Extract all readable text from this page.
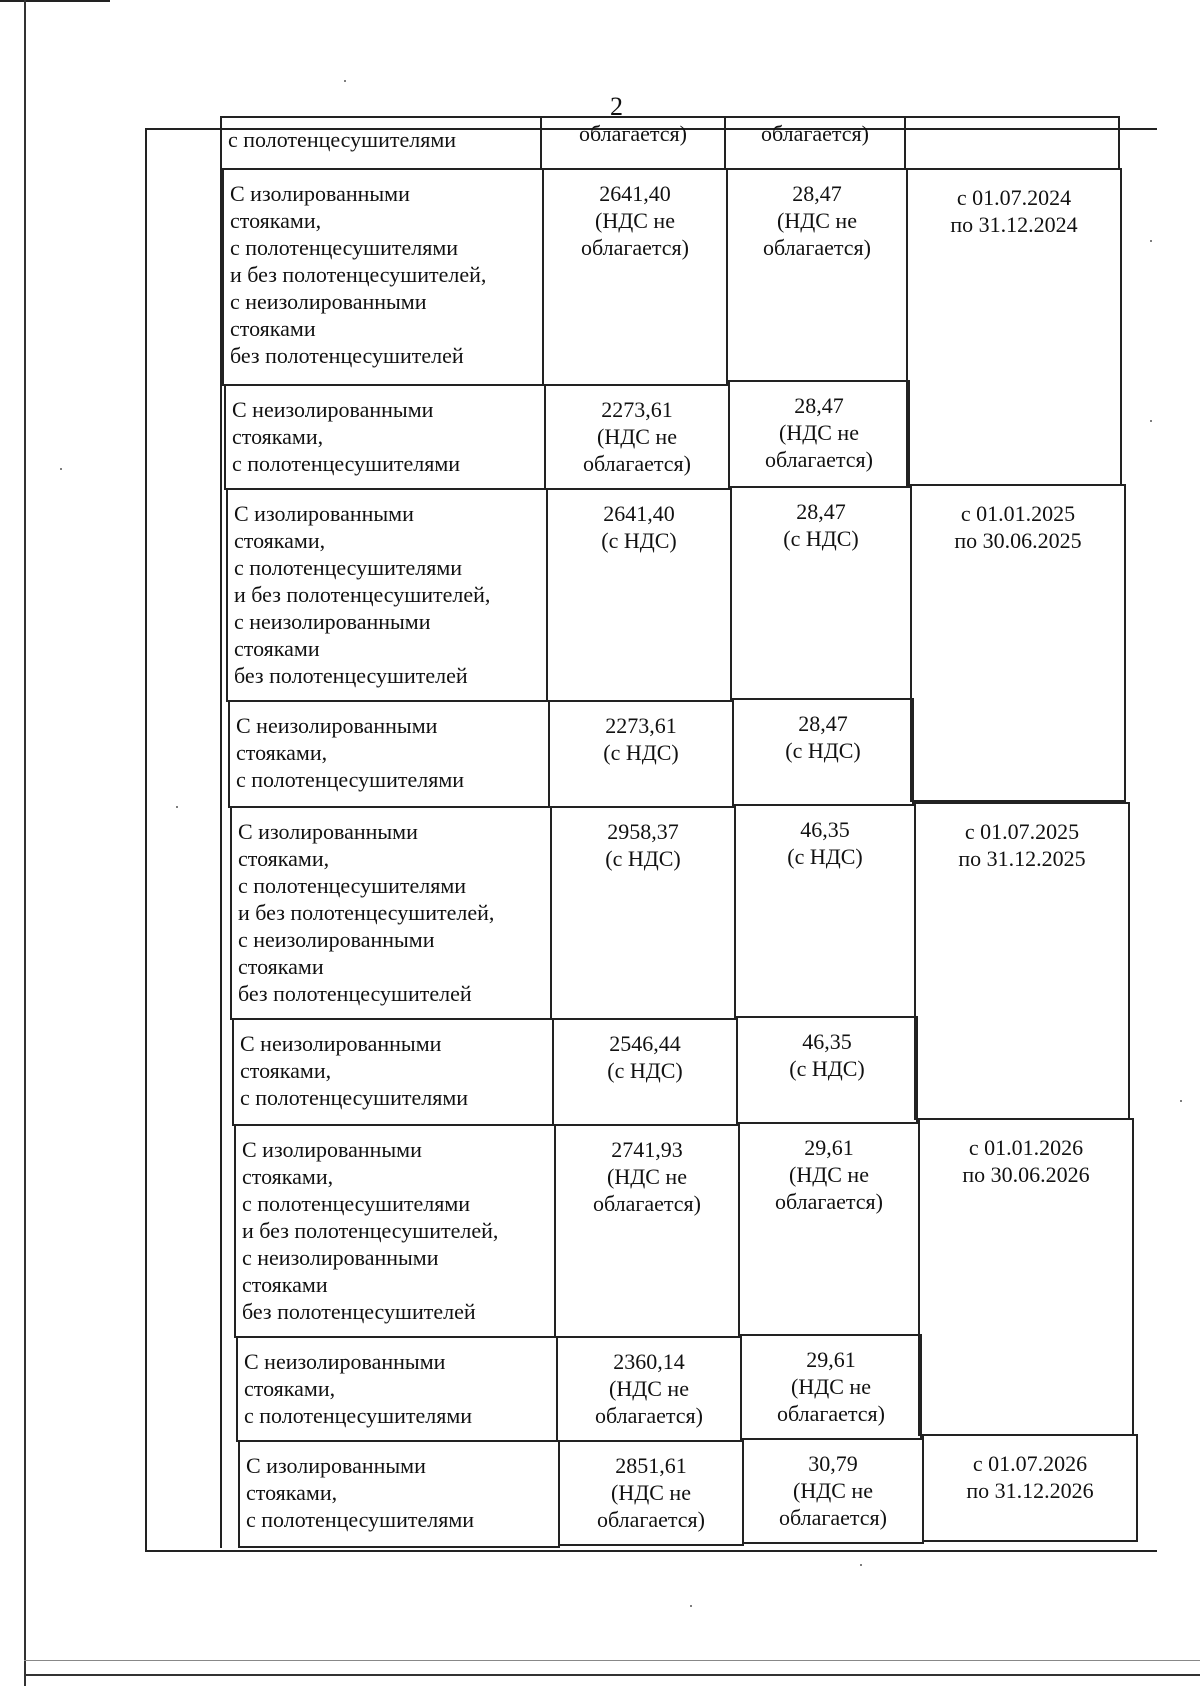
2
с полотенцесушителями	облагается)	облагается)
С изолированными
стояками,
с полотенцесушителями
и без полотенцесушителей,
с неизолированными
стояками
без полотенцесушителей
2641,40
(НДС не
облагается)
28,47
(НДС не
облагается)
с 01.07.2024
по 31.12.2024
С неизолированными
стояками,
с полотенцесушителями
2273,61
(НДС не
облагается)
28,47
(НДС не
облагается)
С изолированными
стояками,
с полотенцесушителями
и без полотенцесушителей,
с неизолированными
стояками
без полотенцесушителей
2641,40
(с НДС)
28,47
(с НДС)
с 01.01.2025
по 30.06.2025
С неизолированными
стояками,
с полотенцесушителями
2273,61
(с НДС)
28,47
(с НДС)
С изолированными
стояками,
с полотенцесушителями
и без полотенцесушителей,
с неизолированными
стояками
без полотенцесушителей
2958,37
(с НДС)
46,35
(с НДС)
с 01.07.2025
по 31.12.2025
С неизолированными
стояками,
с полотенцесушителями
2546,44
(с НДС)
46,35
(с НДС)
С изолированными
стояками,
с полотенцесушителями
и без полотенцесушителей,
с неизолированными
стояками
без полотенцесушителей
2741,93
(НДС не
облагается)
29,61
(НДС не
облагается)
с 01.01.2026
по 30.06.2026
С неизолированными
стояками,
с полотенцесушителями
2360,14
(НДС не
облагается)
29,61
(НДС не
облагается)
С изолированными
стояками,
с полотенцесушителями
2851,61
(НДС не
облагается)
30,79
(НДС не
облагается)
с 01.07.2026
по 31.12.2026
